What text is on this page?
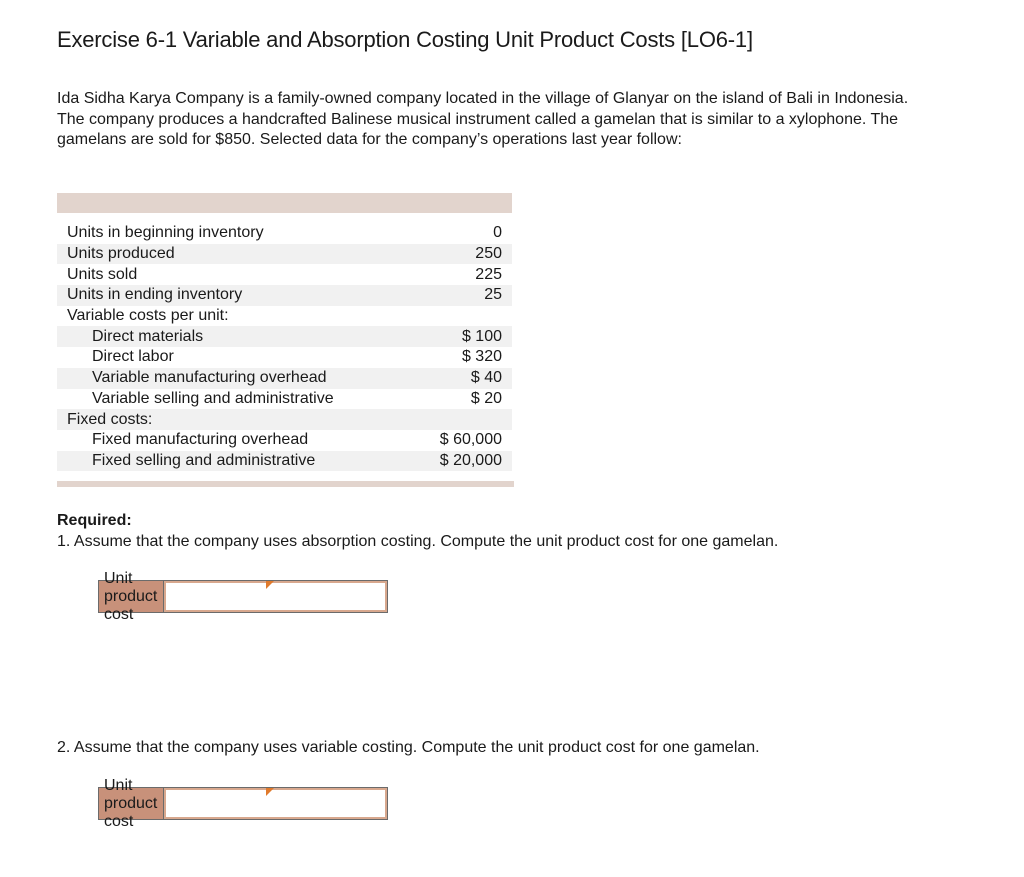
Exercise 6-1 Variable and Absorption Costing Unit Product Costs [LO6-1]
Ida Sidha Karya Company is a family-owned company located in the village of Glanyar on the island of Bali in Indonesia. The company produces a handcrafted Balinese musical instrument called a gamelan that is similar to a xylophone. The gamelans are sold for $850. Selected data for the company’s operations last year follow:
Units in beginning inventory	0
Units produced	250
Units sold	225
Units in ending inventory	25
Variable costs per unit:
Direct materials	$ 100
Direct labor	$ 320
Variable manufacturing overhead	$ 40
Variable selling and administrative	$ 20
Fixed costs:
Fixed manufacturing overhead	$ 60,000
Fixed selling and administrative	$ 20,000
Required:
1. Assume that the company uses absorption costing. Compute the unit product cost for one gamelan.
Unit product cost
2. Assume that the company uses variable costing. Compute the unit product cost for one gamelan.
Unit product cost
